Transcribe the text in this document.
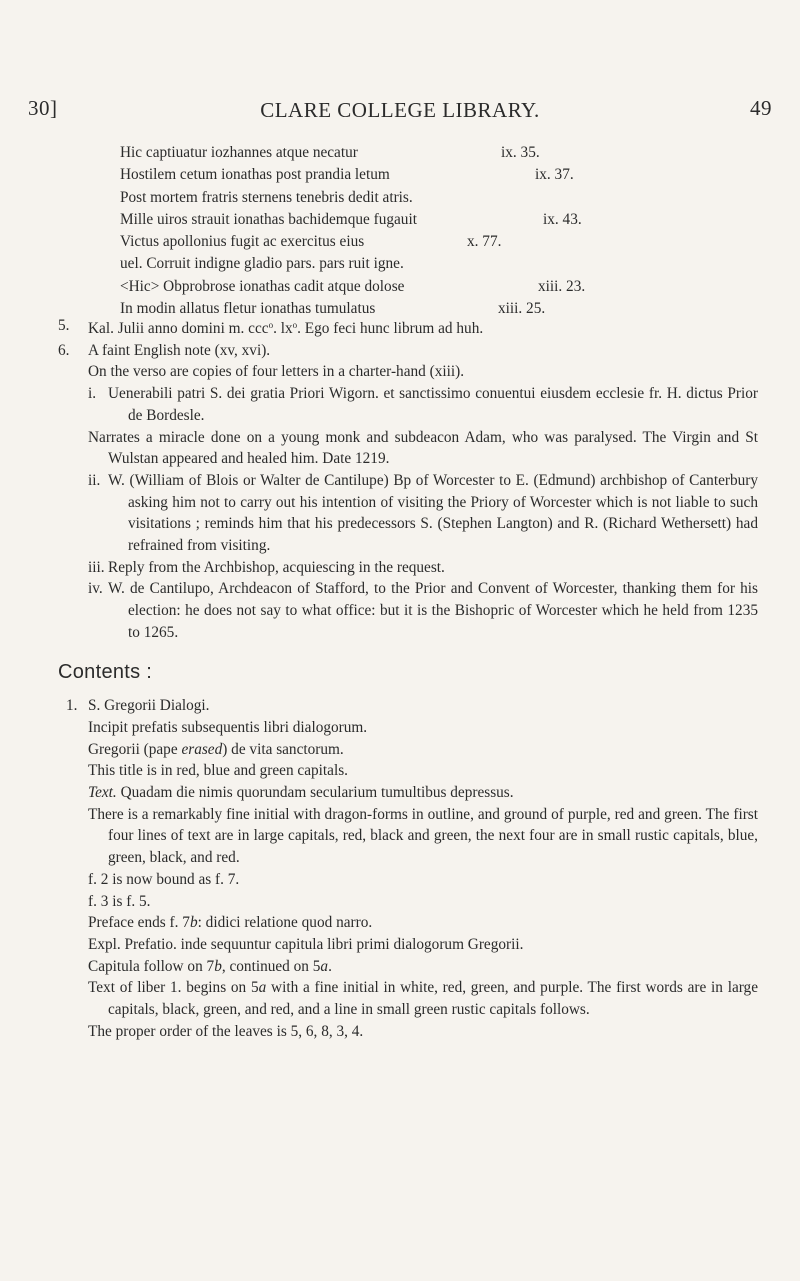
30]	CLARE COLLEGE LIBRARY.	49
Hic captiuatur iozhannes atque necatur	ix. 35.
Hostilem cetum ionathas post prandia letum	ix. 37.
Post mortem fratris sternens tenebris dedit atris.
Mille uiros strauit ionathas bachidemque fugauit	ix. 43.
Victus apollonius fugit ac exercitus eius	x. 77.
uel. Corruit indigne gladio pars. pars ruit igne.
<Hic> Obprobrose ionathas cadit atque dolose	xiii. 23.
In modin allatus fletur ionathas tumulatus	xiii. 25.
5. Kal. Julii anno domini m. ccc$^o$. $lx^o$. Ego feci hunc librum ad huh.
6. A faint English note (xv, xvi).
On the verso are copies of four letters in a charter-hand (xiii).
i. Uenerabili patri S. dei gratia Priori Wigorn. et sanctissimo conuentui eiusdem ecclesie fr. H. dictus Prior de Bordesle.
Narrates a miracle done on a young monk and subdeacon Adam, who was paralysed. The Virgin and St Wulstan appeared and healed him. Date 1219.
ii. W. (William of Blois or Walter de Cantilupe) Bp of Worcester to E. (Edmund) archbishop of Canterbury asking him not to carry out his intention of visiting the Priory of Worcester which is not liable to such visitations ; reminds him that his predecessors S. (Stephen Langton) and R. (Richard Wethersett) had refrained from visiting.
iii. Reply from the Archbishop, acquiescing in the request.
iv. W. de Cantilupo, Archdeacon of Stafford, to the Prior and Convent of Worcester, thanking them for his election: he does not say to what office: but it is the Bishopric of Worcester which he held from 1235 to 1265.
Contents :
1. S. Gregorii Dialogi.
Incipit prefatis subsequentis libri dialogorum.
Gregorii (pape erased) de vita sanctorum.
This title is in red, blue and green capitals.
Text. Quadam die nimis quorundam secularium tumultibus depressus.
There is a remarkably fine initial with dragon-forms in outline, and ground of purple, red and green. The first four lines of text are in large capitals, red, black and green, the next four are in small rustic capitals, blue, green, black, and red.
f. 2 is now bound as f. 7.
f. 3 is f. 5.
Preface ends f. 7b: didici relatione quod narro.
Expl. Prefatio. inde sequuntur capitula libri primi dialogorum Gregorii.
Capitula follow on 7b, continued on 5a.
Text of liber 1. begins on 5a with a fine initial in white, red, green, and purple. The first words are in large capitals, black, green, and red, and a line in small green rustic capitals follows.
The proper order of the leaves is 5, 6, 8, 3, 4.
